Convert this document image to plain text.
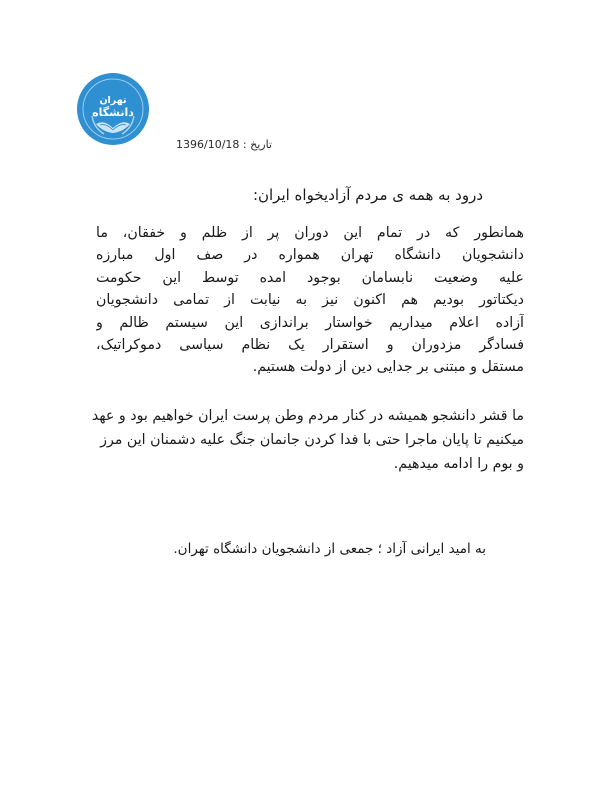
تهران
دانشگاه
1396/10/18 تاریخ :
درود به همه ی مردم آزادیخواه ایران:
همانطور که در تمام این دوران پر از ظلم و خفقان، ما
دانشجویان دانشگاه تهران همواره در صف اول مبارزه
علیه وضعیت نابسامان بوجود امده توسط این حکومت
دیکتاتور بودیم هم اکنون نیز به نیابت از تمامی دانشجویان
آزاده اعلام میداریم خواستار براندازی این سیستم ظالم و
فسادگر مزدوران و استقرار یک نظام سیاسی دموکراتیک،
مستقل و مبتنی بر جدایی دین از دولت هستیم.
ما قشر دانشجو همیشه در کنار مردم وطن پرست ایران خواهیم بود و عهد
میکنیم تا پایان ماجرا حتی با فدا کردن جانمان جنگ علیه دشمنان این مرز
و بوم را ادامه میدهیم.
به امید ایرانی آزاد ؛ جمعی از دانشجویان دانشگاه تهران.
